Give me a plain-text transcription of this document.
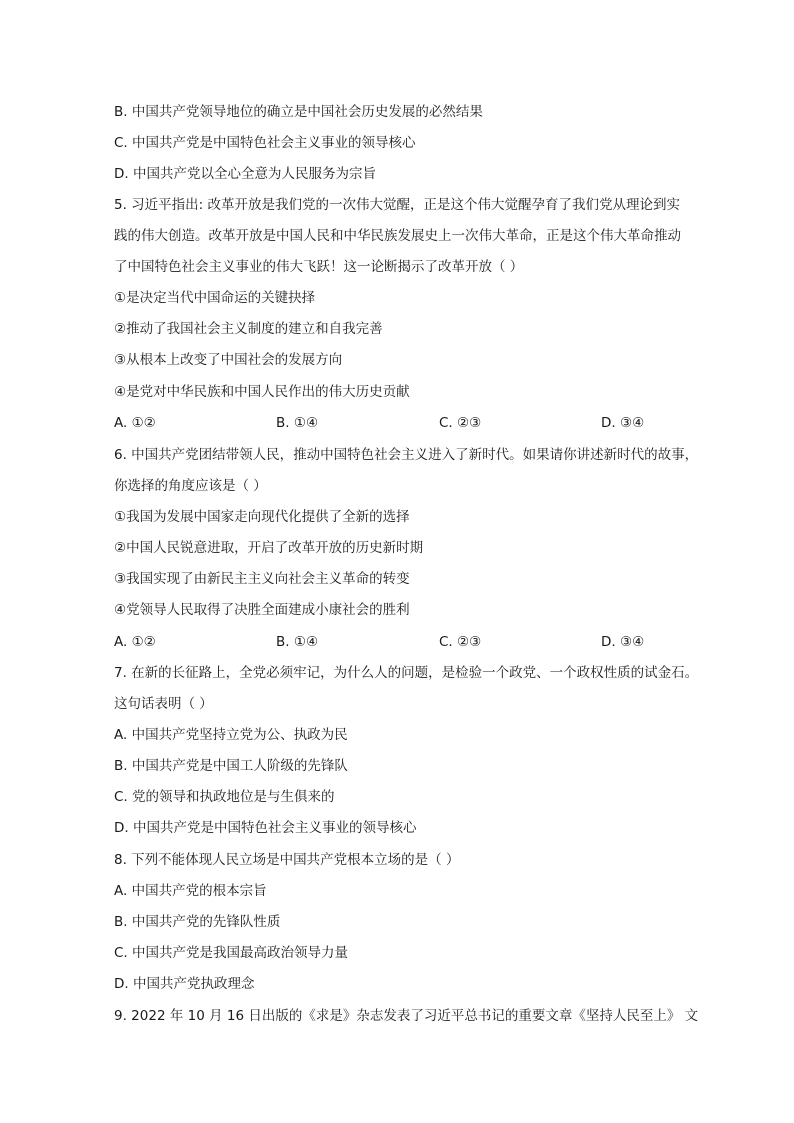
B. 中国共产党领导地位的确立是中国社会历史发展的必然结果
C. 中国共产党是中国特色社会主义事业的领导核心
D. 中国共产党以全心全意为人民服务为宗旨
5. 习近平指出: 改革开放是我们党的一次伟大觉醒，正是这个伟大觉醒孕育了我们党从理论到实
践的伟大创造。改革开放是中国人民和中华民族发展史上一次伟大革命，正是这个伟大革命推动
了中国特色社会主义事业的伟大飞跃！这一论断揭示了改革开放（ ）
①是决定当代中国命运的关键抉择
②推动了我国社会主义制度的建立和自我完善
③从根本上改变了中国社会的发展方向
④是党对中华民族和中国人民作出的伟大历史贡献
A. ①②	B. ①④	C. ②③	D. ③④
6. 中国共产党团结带领人民，推动中国特色社会主义进入了新时代。如果请你讲述新时代的故事，
你选择的角度应该是（ ）
①我国为发展中国家走向现代化提供了全新的选择
②中国人民锐意进取，开启了改革开放的历史新时期
③我国实现了由新民主主义向社会主义革命的转变
④党领导人民取得了决胜全面建成小康社会的胜利
A. ①②	B. ①④	C. ②③	D. ③④
7. 在新的长征路上，全党必须牢记，为什么人的问题，是检验一个政党、一个政权性质的试金石。
这句话表明（ ）
A. 中国共产党坚持立党为公、执政为民
B. 中国共产党是中国工人阶级的先锋队
C. 党的领导和执政地位是与生俱来的
D. 中国共产党是中国特色社会主义事业的领导核心
8. 下列不能体现人民立场是中国共产党根本立场的是（ ）
A. 中国共产党的根本宗旨
B. 中国共产党的先锋队性质
C. 中国共产党是我国最高政治领导力量
D. 中国共产党执政理念
9. 2022 年 10 月 16 日出版的《求是》杂志发表了习近平总书记的重要文章《坚持人民至上》 文
